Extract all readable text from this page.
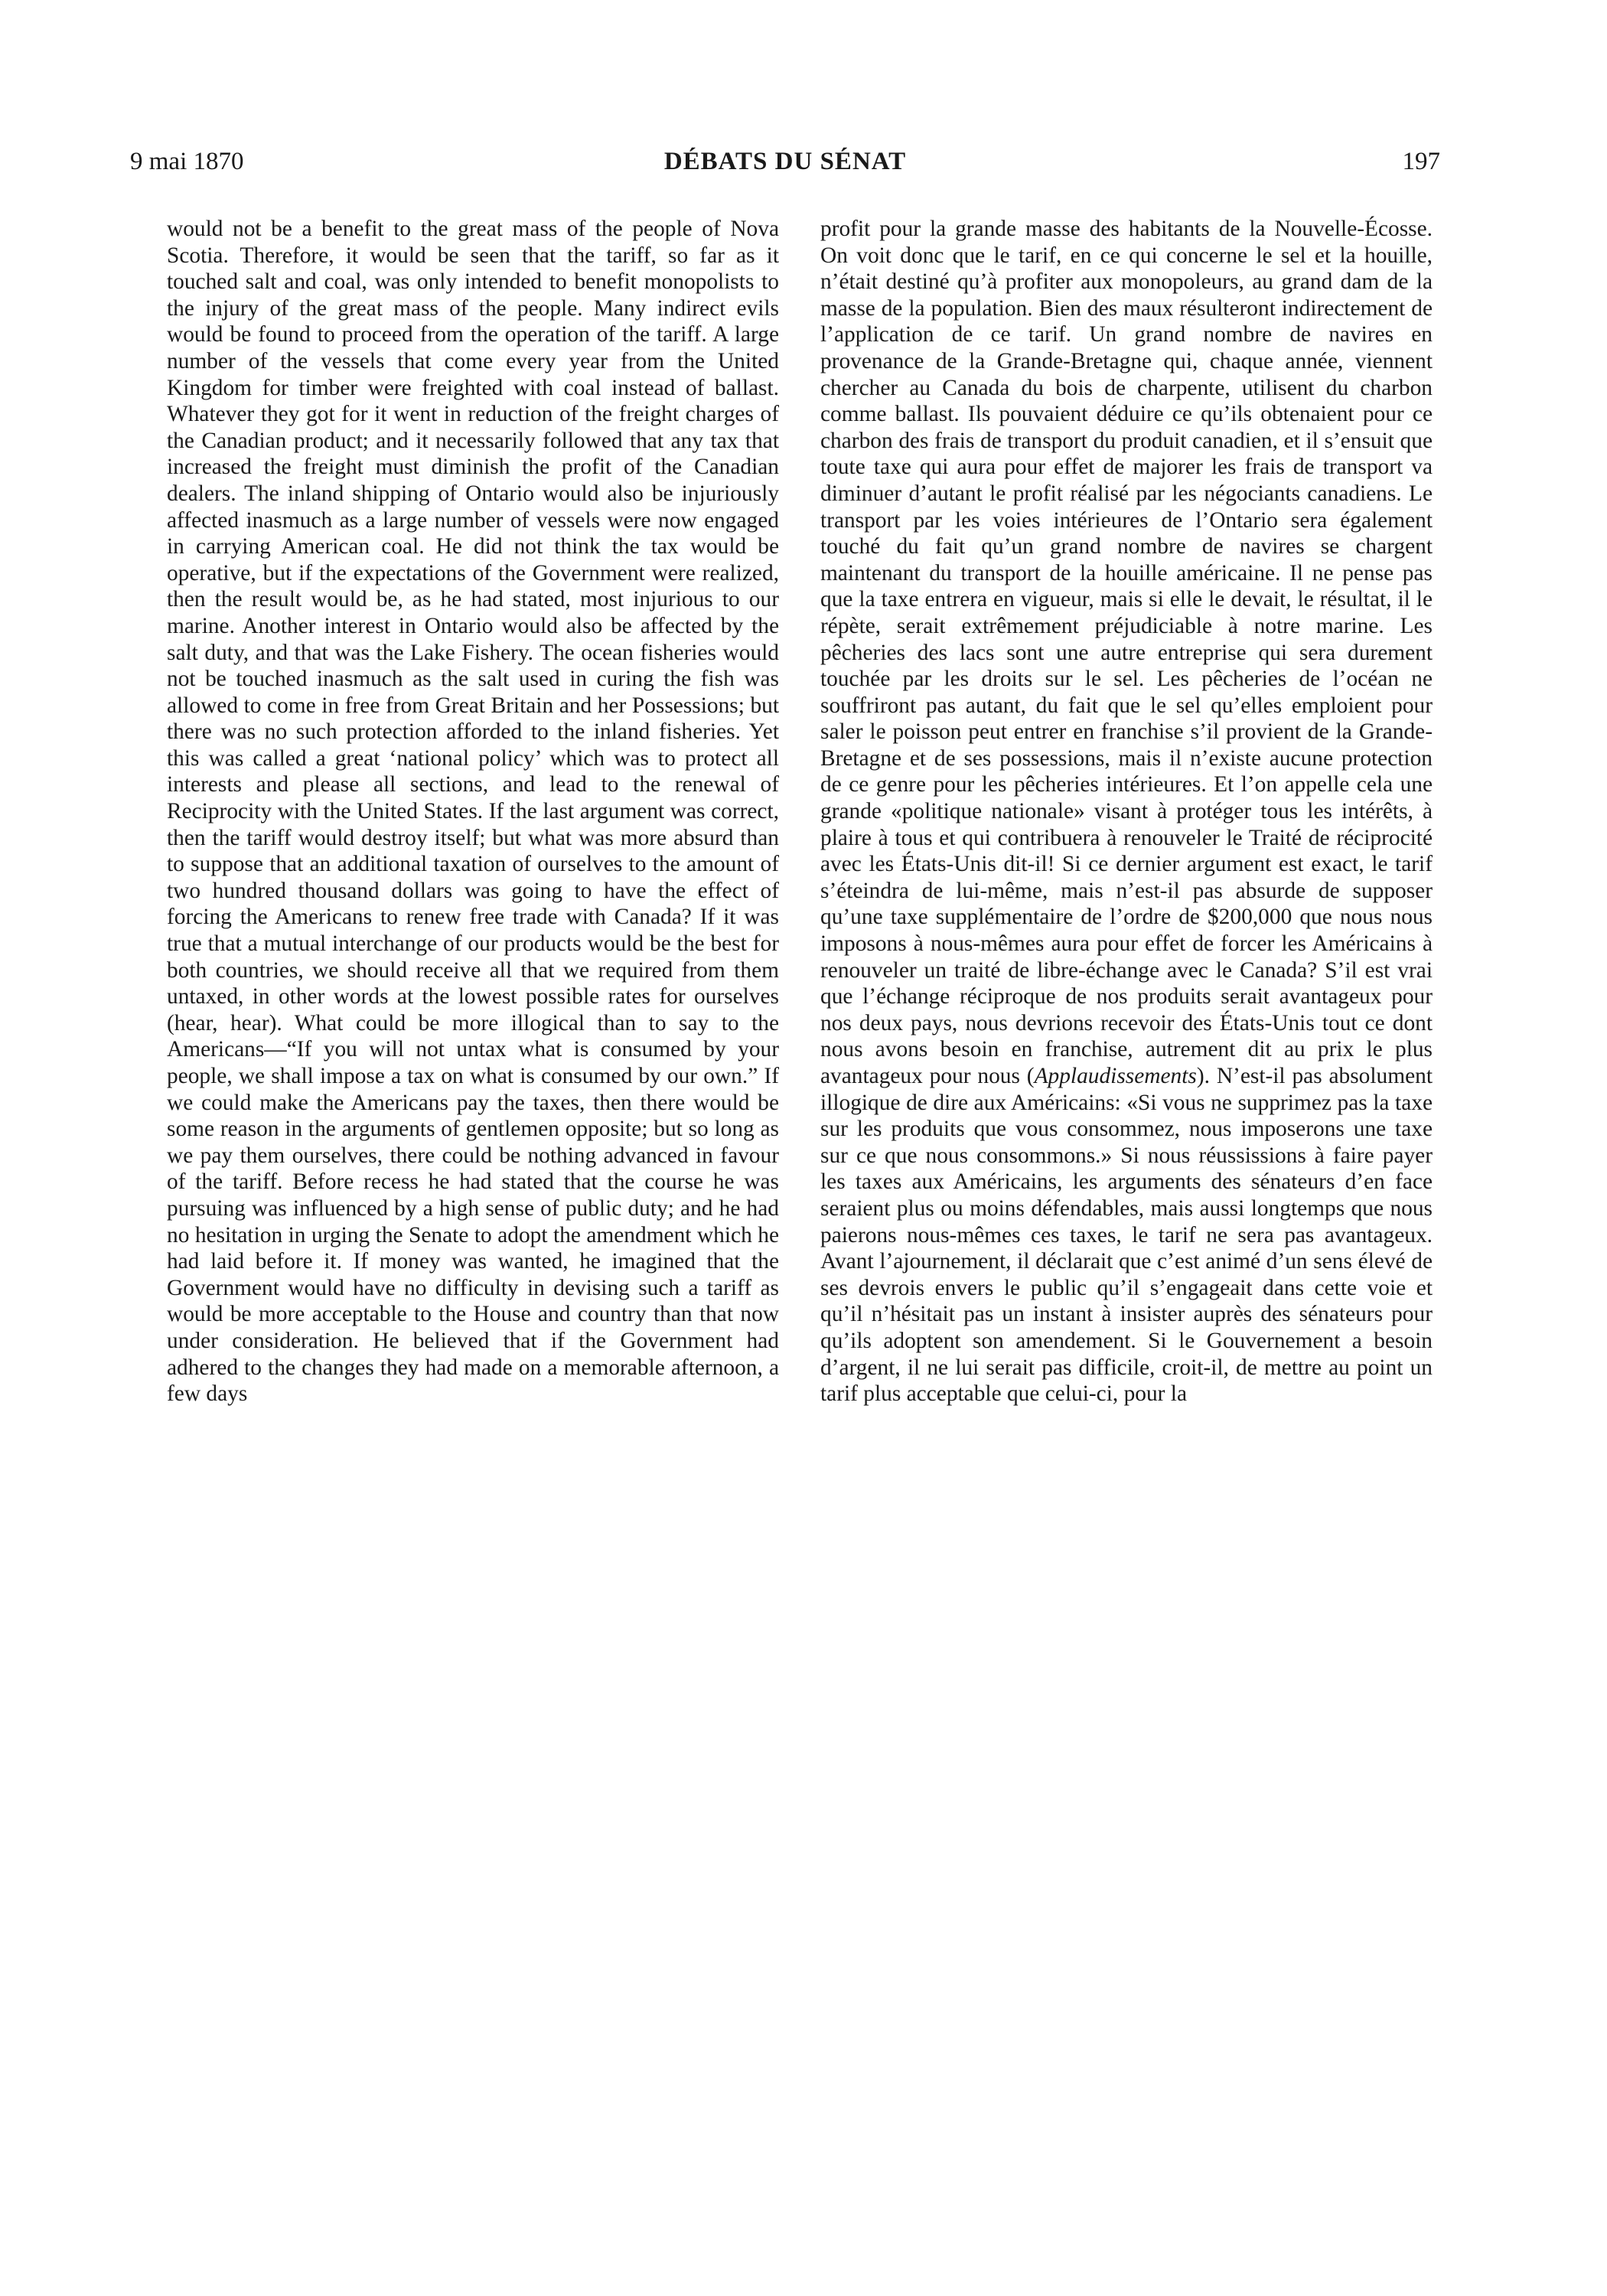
9 mai 1870	DÉBATS DU SÉNAT	197

would not be a benefit to the great mass of the people of Nova Scotia. Therefore, it would be seen that the tariff, so far as it touched salt and coal, was only intended to benefit monopolists to the injury of the great mass of the people. Many indirect evils would be found to proceed from the operation of the tariff. A large number of the vessels that come every year from the United Kingdom for timber were freighted with coal instead of ballast. Whatever they got for it went in reduction of the freight charges of the Canadian product; and it necessarily followed that any tax that increased the freight must diminish the profit of the Canadian dealers. The inland shipping of Ontario would also be injuriously affected inasmuch as a large number of vessels were now engaged in carrying American coal. He did not think the tax would be operative, but if the expectations of the Government were realized, then the result would be, as he had stated, most injurious to our marine. Another interest in Ontario would also be affected by the salt duty, and that was the Lake Fishery. The ocean fisheries would not be touched inasmuch as the salt used in curing the fish was allowed to come in free from Great Britain and her Possessions; but there was no such protection afforded to the inland fisheries. Yet this was called a great ‘national policy’ which was to protect all interests and please all sections, and lead to the renewal of Reciprocity with the United States. If the last argument was correct, then the tariff would destroy itself; but what was more absurd than to suppose that an additional taxation of ourselves to the amount of two hundred thousand dollars was going to have the effect of forcing the Americans to renew free trade with Canada? If it was true that a mutual interchange of our products would be the best for both countries, we should receive all that we required from them untaxed, in other words at the lowest possible rates for ourselves (hear, hear). What could be more illogical than to say to the Americans—“If you will not untax what is consumed by your people, we shall impose a tax on what is consumed by our own.” If we could make the Americans pay the taxes, then there would be some reason in the arguments of gentlemen opposite; but so long as we pay them ourselves, there could be nothing advanced in favour of the tariff. Before recess he had stated that the course he was pursuing was influenced by a high sense of public duty; and he had no hesitation in urging the Senate to adopt the amendment which he had laid before it. If money was wanted, he imagined that the Government would have no difficulty in devising such a tariff as would be more acceptable to the House and country than that now under consideration. He believed that if the Government had adhered to the changes they had made on a memorable afternoon, a few days

profit pour la grande masse des habitants de la Nouvelle-Écosse. On voit donc que le tarif, en ce qui concerne le sel et la houille, n’était destiné qu’à profiter aux monopoleurs, au grand dam de la masse de la population. Bien des maux résulteront indirectement de l’application de ce tarif. Un grand nombre de navires en provenance de la Grande-Bretagne qui, chaque année, viennent chercher au Canada du bois de charpente, utilisent du charbon comme ballast. Ils pouvaient déduire ce qu’ils obtenaient pour ce charbon des frais de transport du produit canadien, et il s’ensuit que toute taxe qui aura pour effet de majorer les frais de transport va diminuer d’autant le profit réalisé par les négociants canadiens. Le transport par les voies intérieures de l’Ontario sera également touché du fait qu’un grand nombre de navires se chargent maintenant du transport de la houille américaine. Il ne pense pas que la taxe entrera en vigueur, mais si elle le devait, le résultat, il le répète, serait extrêmement préjudiciable à notre marine. Les pêcheries des lacs sont une autre entreprise qui sera durement touchée par les droits sur le sel. Les pêcheries de l’océan ne souffriront pas autant, du fait que le sel qu’elles emploient pour saler le poisson peut entrer en franchise s’il provient de la Grande-Bretagne et de ses possessions, mais il n’existe aucune protection de ce genre pour les pêcheries intérieures. Et l’on appelle cela une grande «politique nationale» visant à protéger tous les intérêts, à plaire à tous et qui contribuera à renouveler le Traité de réciprocité avec les États-Unis dit-il! Si ce dernier argument est exact, le tarif s’éteindra de lui-même, mais n’est-il pas absurde de supposer qu’une taxe supplémentaire de l’ordre de $200,000 que nous nous imposons à nous-mêmes aura pour effet de forcer les Américains à renouveler un traité de libre-échange avec le Canada? S’il est vrai que l’échange réciproque de nos produits serait avantageux pour nos deux pays, nous devrions recevoir des États-Unis tout ce dont nous avons besoin en franchise, autrement dit au prix le plus avantageux pour nous (Applaudissements). N’est-il pas absolument illogique de dire aux Américains: «Si vous ne supprimez pas la taxe sur les produits que vous consommez, nous imposerons une taxe sur ce que nous consommons.» Si nous réussissions à faire payer les taxes aux Américains, les arguments des sénateurs d’en face seraient plus ou moins défendables, mais aussi longtemps que nous paierons nous-mêmes ces taxes, le tarif ne sera pas avantageux. Avant l’ajournement, il déclarait que c’est animé d’un sens élevé de ses devrois envers le public qu’il s’engageait dans cette voie et qu’il n’hésitait pas un instant à insister auprès des sénateurs pour qu’ils adoptent son amendement. Si le Gouvernement a besoin d’argent, il ne lui serait pas difficile, croit-il, de mettre au point un tarif plus acceptable que celui-ci, pour la
